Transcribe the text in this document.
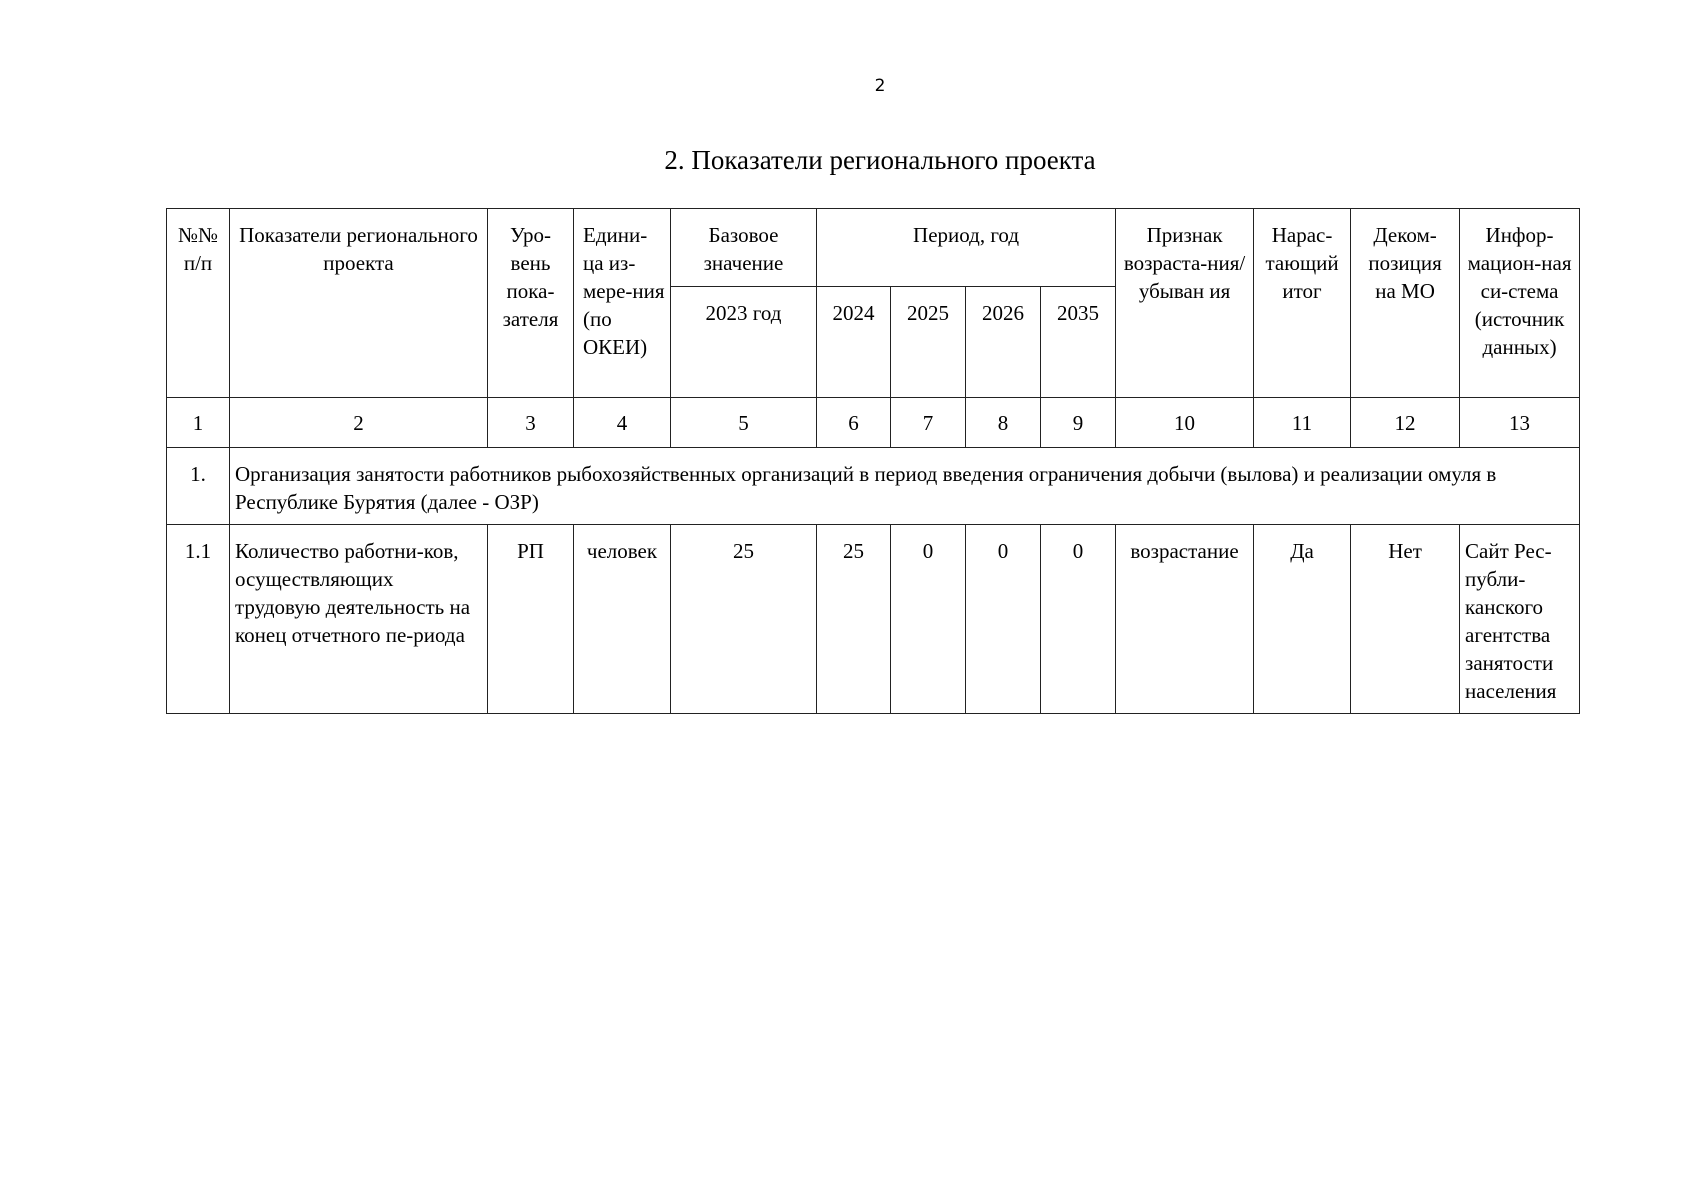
2
2. Показатели регионального проекта
№№ п/п	Показатели регионального проекта	Уро-вень пока-зателя	Едини-ца из-мере-ния (по ОКЕИ)	Базовое значение	Период, год				Признак возраста-ния/убыван ия	Нарас-тающий итог	Деком-позиция на МО	Инфор-мацион-ная си-стема (источник данных)
				2023 год	2024	2025	2026	2035				
1	2	3	4	5	6	7	8	9	10	11	12	13
1.	Организация занятости работников рыбохозяйственных организаций в период введения ограничения добычи (вылова) и реализации омуля в Республике Бурятия (далее - ОЗР)											
1.1	Количество работни-ков, осуществляющих трудовую деятельность на конец отчетного пе-риода	РП	человек	25	25	0	0	0	возрастание	Да	Нет	Сайт Рес-публи-канского агентства занятости населения
